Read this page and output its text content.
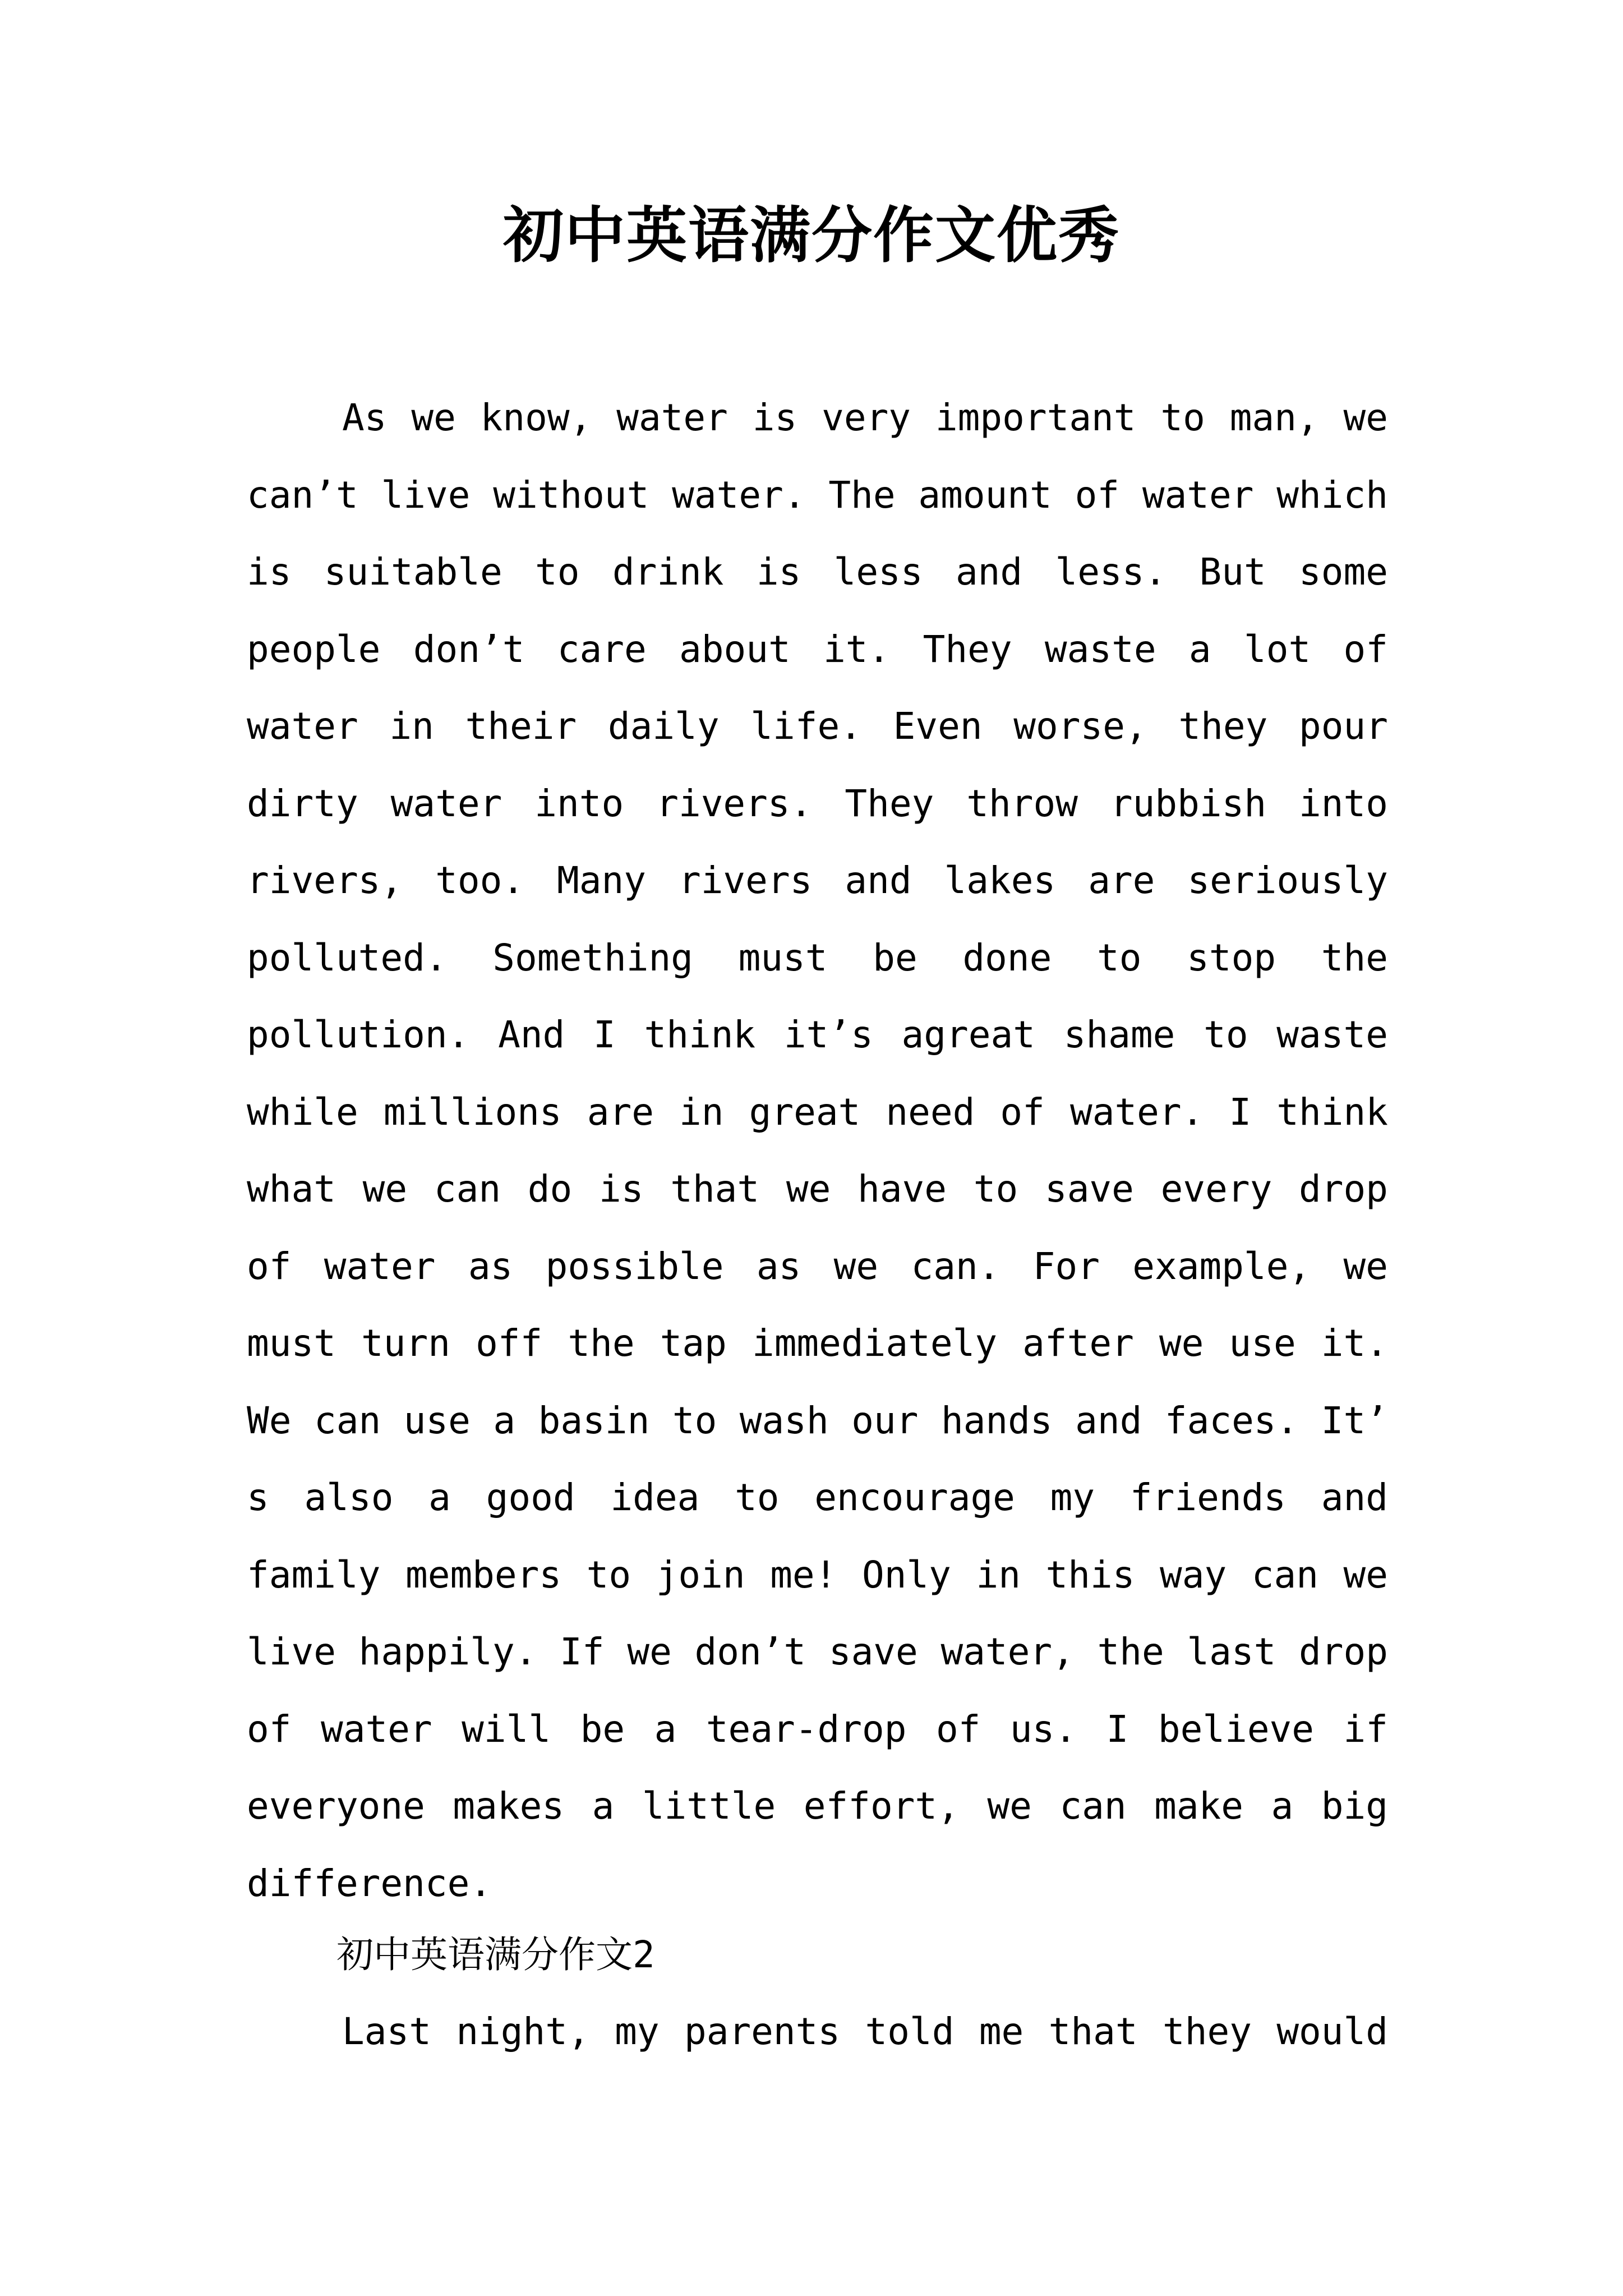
初中英语满分作文优秀
As we know, water is very important to man, we
can’t live without water. The amount of water which
is suitable to drink is less and less. But some
people don’t care about it. They waste a lot of
water in their daily life. Even worse, they pour
dirty water into rivers. They throw rubbish into
rivers, too. Many rivers and lakes are seriously
polluted. Something must be done to stop the
pollution. And I think it’s agreat shame to waste
while millions are in great need of water. I think
what we can do is that we have to save every drop
of water as possible as we can. For example, we
must turn off the tap immediately after we use it.
We can use a basin to wash our hands and faces. It’
s also a good idea to encourage my friends and
family members to join me! Only in this way can we
live happily. If we don’t save water, the last drop
of water will be a tear-drop of us. I believe if
everyone makes a little effort, we can make a big
difference.
初中英语满分作文2
Last night, my parents told me that they would
